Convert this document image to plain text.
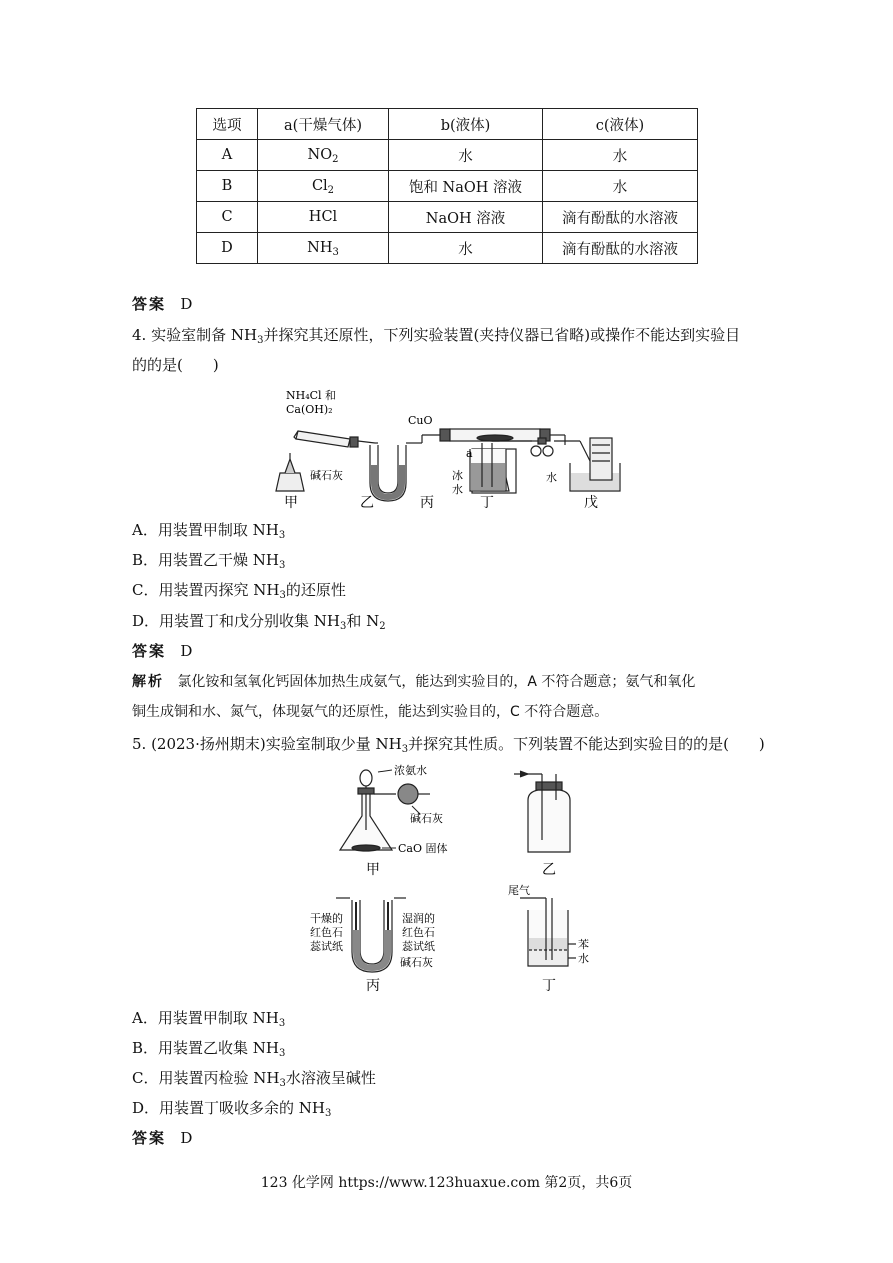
选项	a(干燥气体)	b(液体)	c(液体)
A	$NO_2$	水	水
B	$Cl_2$	饱和 NaOH 溶液	水
C	HCl	NaOH 溶液	滴有酚酞的水溶液
D	$NH_3$	水	滴有酚酞的水溶液
答案 D
4. 实验室制备 $NH_3$并探究其还原性，下列实验装置(夹持仪器已省略)或操作不能达到实验目
的的是(　　)
NH₄Cl 和
Ca(OH)₂
CuO
碱石灰
a
冰
水
水
甲	乙	丙	丁	戊
A．用装置甲制取 $NH_3$
B．用装置乙干燥 $NH_3$
C．用装置丙探究 $NH_3$的还原性
D．用装置丁和戊分别收集 $NH_3$和 $N_2$
答案 D
解析 氯化铵和氢氧化钙固体加热生成氨气，能达到实验目的，A 不符合题意；氨气和氧化
铜生成铜和水、氮气，体现氨气的还原性，能达到实验目的，C 不符合题意。
5. (2023·扬州期末)实验室制取少量 $NH_3$并探究其性质。下列装置不能达到实验目的的是(　　)
浓氨水
碱石灰
CaO 固体
甲	乙
干燥的
红色石
蕊试纸
湿润的
红色石
蕊试纸
碱石灰
丙
尾气
苯
水
丁
A．用装置甲制取 $NH_3$
B．用装置乙收集 $NH_3$
C．用装置丙检验 $NH_3$水溶液呈碱性
D．用装置丁吸收多余的 $NH_3$
答案 D
123 化学网 https://www.123huaxue.com 第2页，共6页
